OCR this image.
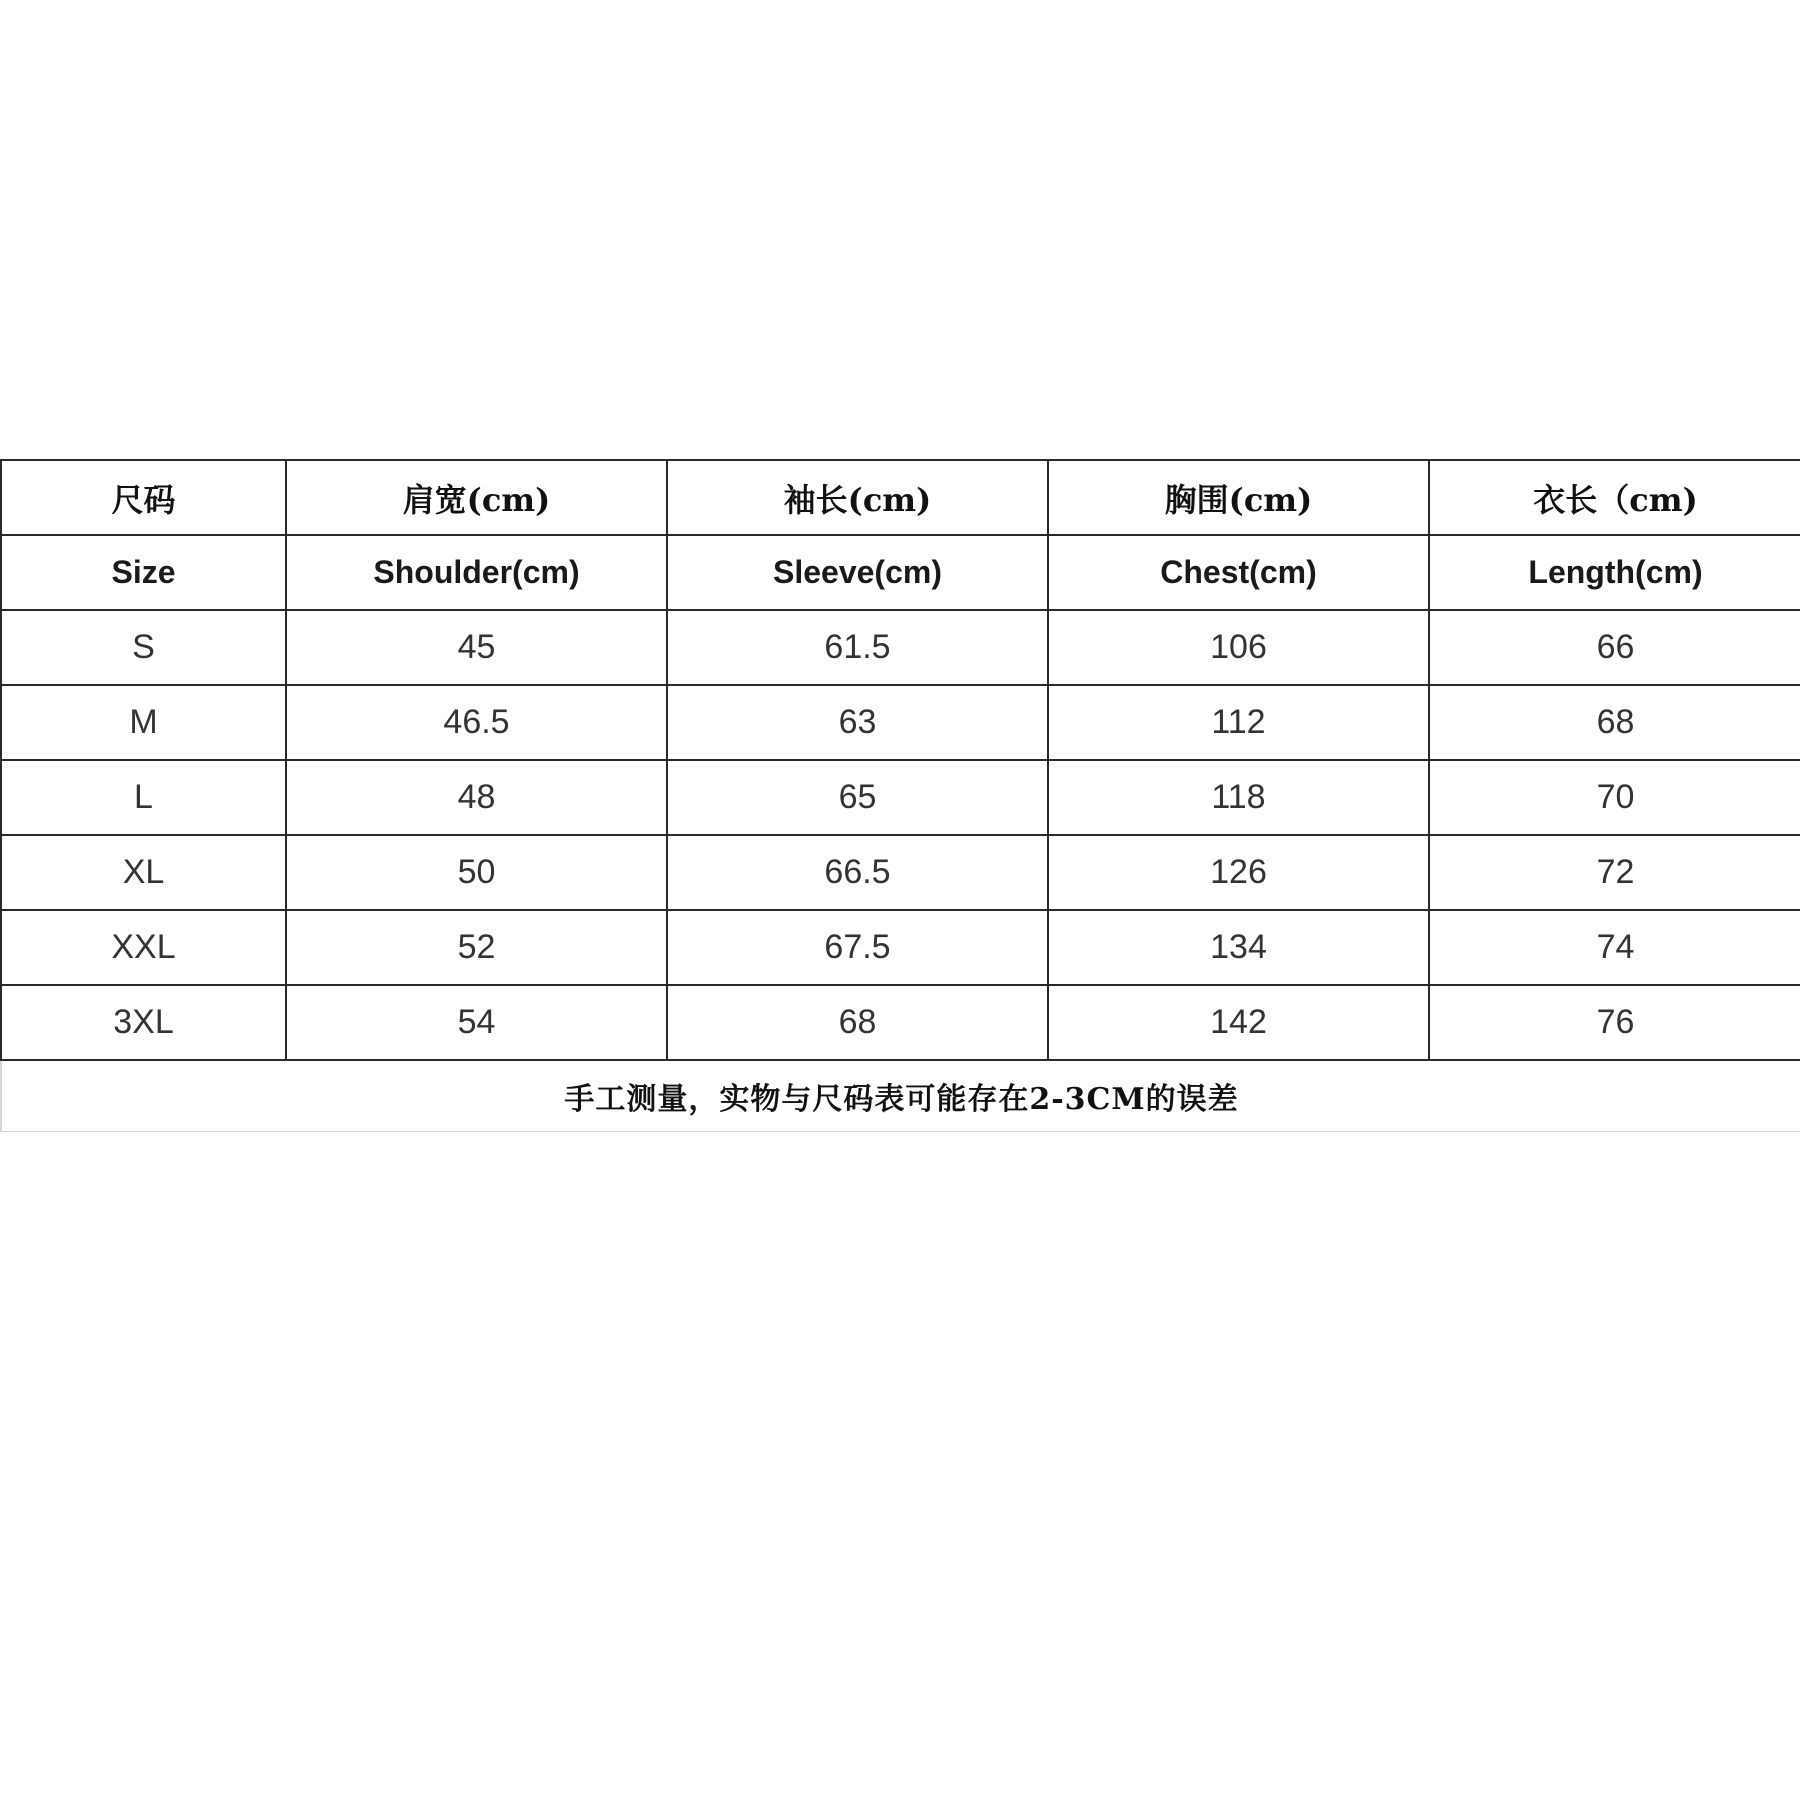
尺码	肩宽(cm)	袖长(cm)	胸围(cm)	衣长（cm)
Size	Shoulder(cm)	Sleeve(cm)	Chest(cm)	Length(cm)
S	45	61.5	106	66
M	46.5	63	112	68
L	48	65	118	70
XL	50	66.5	126	72
XXL	52	67.5	134	74
3XL	54	68	142	76
手工测量，实物与尺码表可能存在2-3CM的误差				
